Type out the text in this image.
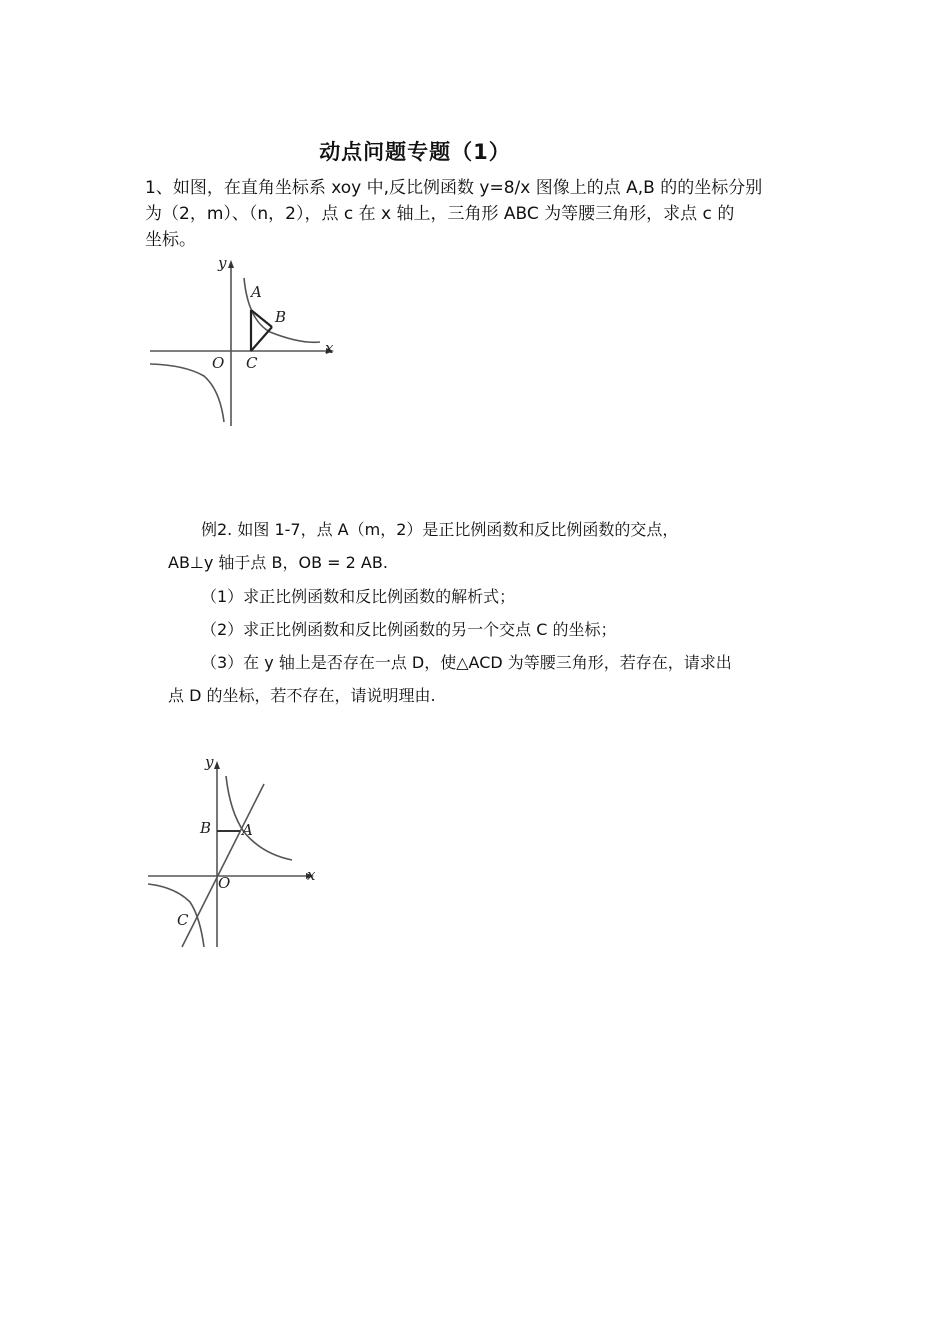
动点问题专题（1）
1、如图，在直角坐标系 xoy 中,反比例函数 y=8/x 图像上的点 A,B 的的坐标分别
为（2，m）、（n，2），点 c 在 x 轴上，三角形 ABC 为等腰三角形，求点 c 的
坐标。
x
y
O
A
B
C
例2. 如图 1-7，点 A（m，2）是正比例函数和反比例函数的交点，
AB⊥y 轴于点 B，OB = 2 AB.
（1）求正比例函数和反比例函数的解析式；
（2）求正比例函数和反比例函数的另一个交点 C 的坐标；
（3）在 y 轴上是否存在一点 D，使△ACD 为等腰三角形，若存在，请求出
点 D 的坐标，若不存在，请说明理由.
x
y
O
B A
C
